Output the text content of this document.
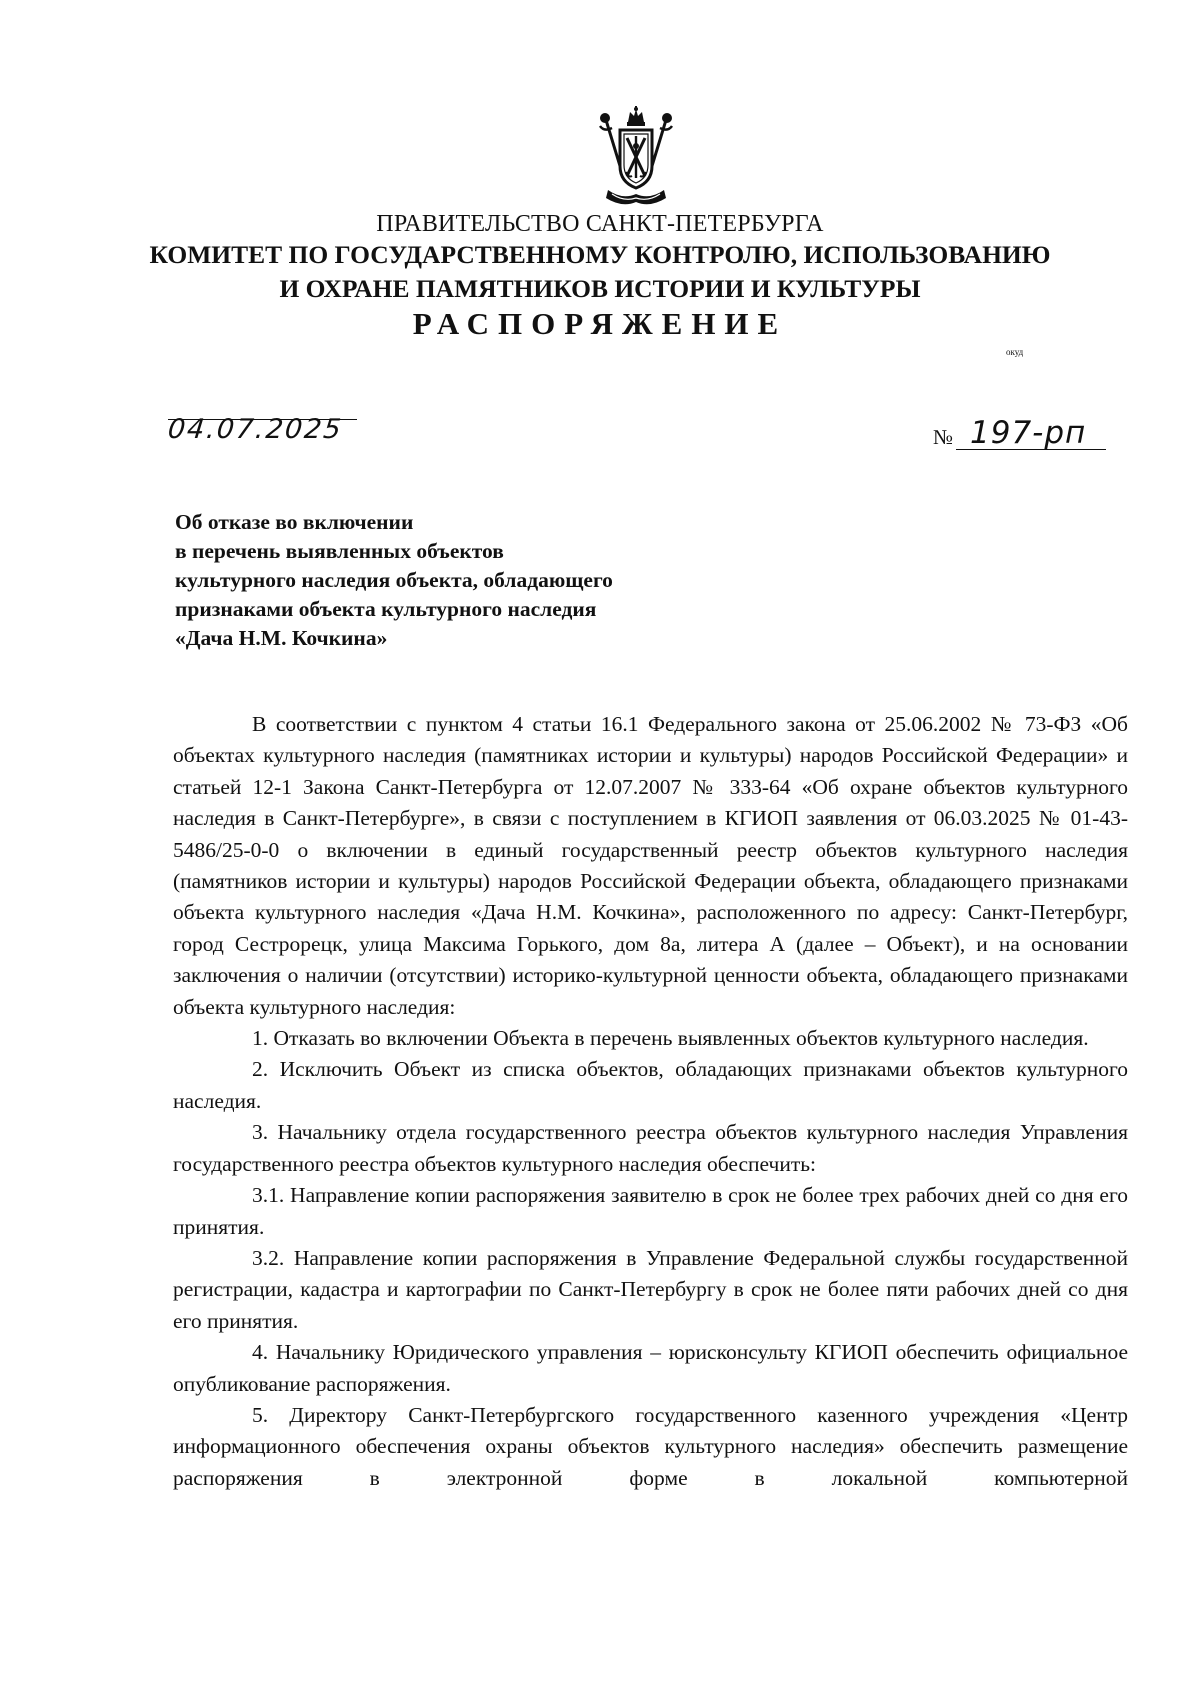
ПРАВИТЕЛЬСТВО САНКТ-ПЕТЕРБУРГА
КОМИТЕТ ПО ГОСУДАРСТВЕННОМУ КОНТРОЛЮ, ИСПОЛЬЗОВАНИЮ
И ОХРАНЕ ПАМЯТНИКОВ ИСТОРИИ И КУЛЬТУРЫ
РАСПОРЯЖЕНИЕ
окуд
04.07.2025	№ 197-рп
Об отказе во включении
в перечень выявленных объектов
культурного наследия объекта, обладающего
признаками объекта культурного наследия
«Дача Н.М. Кочкина»

В соответствии с пунктом 4 статьи 16.1 Федерального закона от 25.06.2002 № 73-ФЗ «Об объектах культурного наследия (памятниках истории и культуры) народов Российской Федерации» и статьей 12-1 Закона Санкт-Петербурга от 12.07.2007 № 333-64 «Об охране объектов культурного наследия в Санкт-Петербурге», в связи с поступлением в КГИОП заявления от 06.03.2025 № 01-43-5486/25-0-0 о включении в единый государственный реестр объектов культурного наследия (памятников истории и культуры) народов Российской Федерации объекта, обладающего признаками объекта культурного наследия «Дача Н.М. Кочкина», расположенного по адресу: Санкт-Петербург, город Сестрорецк, улица Максима Горького, дом 8а, литера А (далее – Объект), и на основании заключения о наличии (отсутствии) историко-культурной ценности объекта, обладающего признаками объекта культурного наследия:

1. Отказать во включении Объекта в перечень выявленных объектов культурного наследия.

2. Исключить Объект из списка объектов, обладающих признаками объектов культурного наследия.

3. Начальнику отдела государственного реестра объектов культурного наследия Управления государственного реестра объектов культурного наследия обеспечить:

3.1. Направление копии распоряжения заявителю в срок не более трех рабочих дней со дня его принятия.

3.2. Направление копии распоряжения в Управление Федеральной службы государственной регистрации, кадастра и картографии по Санкт-Петербургу в срок не более пяти рабочих дней со дня его принятия.

4. Начальнику Юридического управления – юрисконсульту КГИОП обеспечить официальное опубликование распоряжения.

5. Директору Санкт-Петербургского государственного казенного учреждения «Центр информационного обеспечения охраны объектов культурного наследия» обеспечить размещение распоряжения в электронной форме в локальной компьютерной
